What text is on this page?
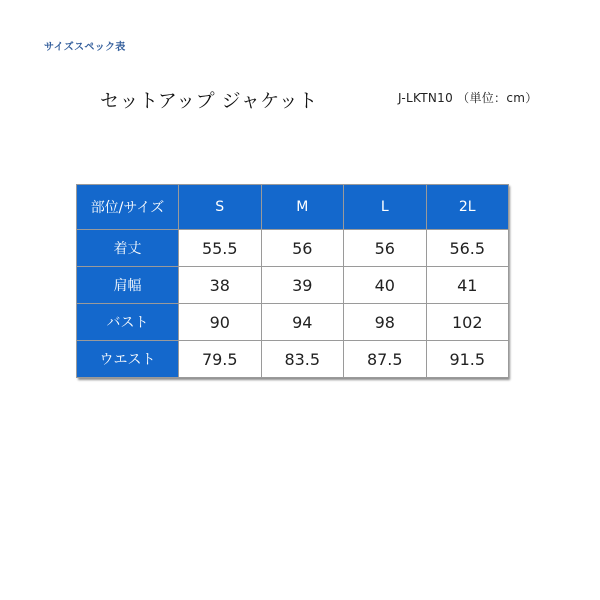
サイズスペック表
セットアップ ジャケット	J-LKTN10 （単位：cm）
部位/サイズ	S	M	L	2L
着丈	55.5	56	56	56.5
肩幅	38	39	40	41
バスト	90	94	98	102
ウエスト	79.5	83.5	87.5	91.5
